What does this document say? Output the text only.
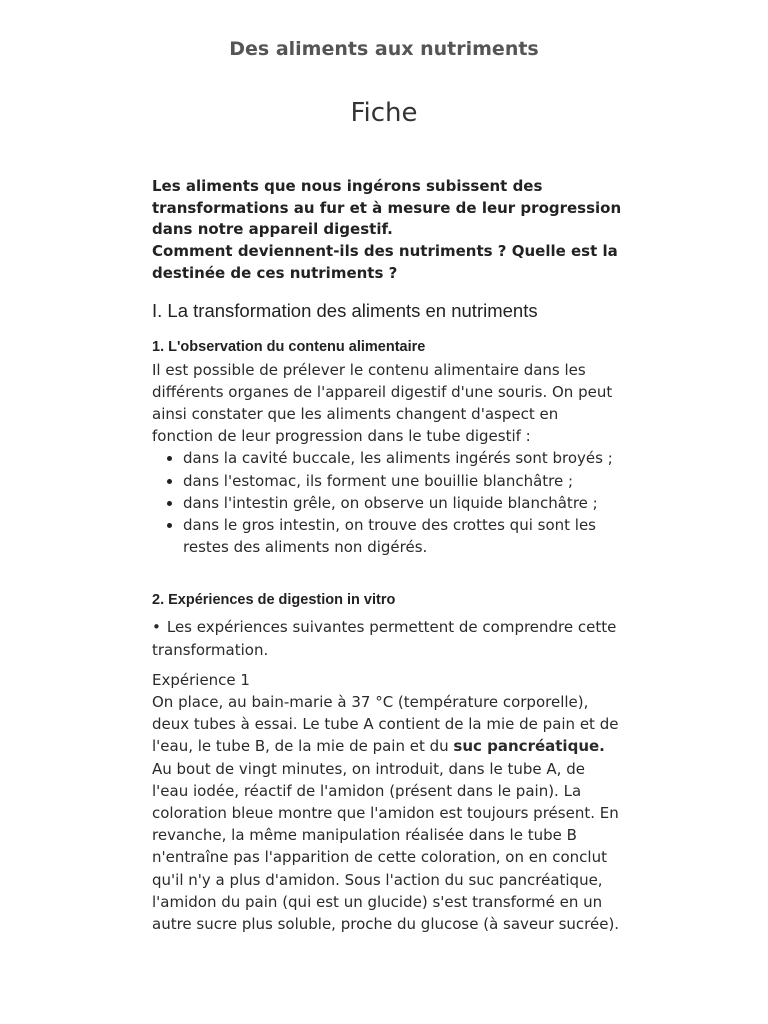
Des aliments aux nutriments
Fiche

Les aliments que nous ingérons subissent des transformations au fur et à mesure de leur progression dans notre appareil digestif.

Comment deviennent-ils des nutriments ? Quelle est la destinée de ces nutriments ?

I. La transformation des aliments en nutriments
1. L'observation du contenu alimentaire

Il est possible de prélever le contenu alimentaire dans les différents organes de l'appareil digestif d'une souris. On peut ainsi constater que les aliments changent d'aspect en fonction de leur progression dans le tube digestif :

dans la cavité buccale, les aliments ingérés sont broyés ;
dans l'estomac, ils forment une bouillie blanchâtre ;
dans l'intestin grêle, on observe un liquide blanchâtre ;
dans le gros intestin, on trouve des crottes qui sont les restes des aliments non digérés.
2. Expériences de digestion in vitro

• Les expériences suivantes permettent de comprendre cette transformation.

Expérience 1

On place, au bain-marie à 37 °C (température corporelle), deux tubes à essai. Le tube A contient de la mie de pain et de l'eau, le tube B, de la mie de pain et du suc pancréatique. Au bout de vingt minutes, on introduit, dans le tube A, de l'eau iodée, réactif de l'amidon (présent dans le pain). La coloration bleue montre que l'amidon est toujours présent. En revanche, la même manipulation réalisée dans le tube B n'entraîne pas l'apparition de cette coloration, on en conclut qu'il n'y a plus d'amidon. Sous l'action du suc pancréatique, l'amidon du pain (qui est un glucide) s'est transformé en un autre sucre plus soluble, proche du glucose (à saveur sucrée).
